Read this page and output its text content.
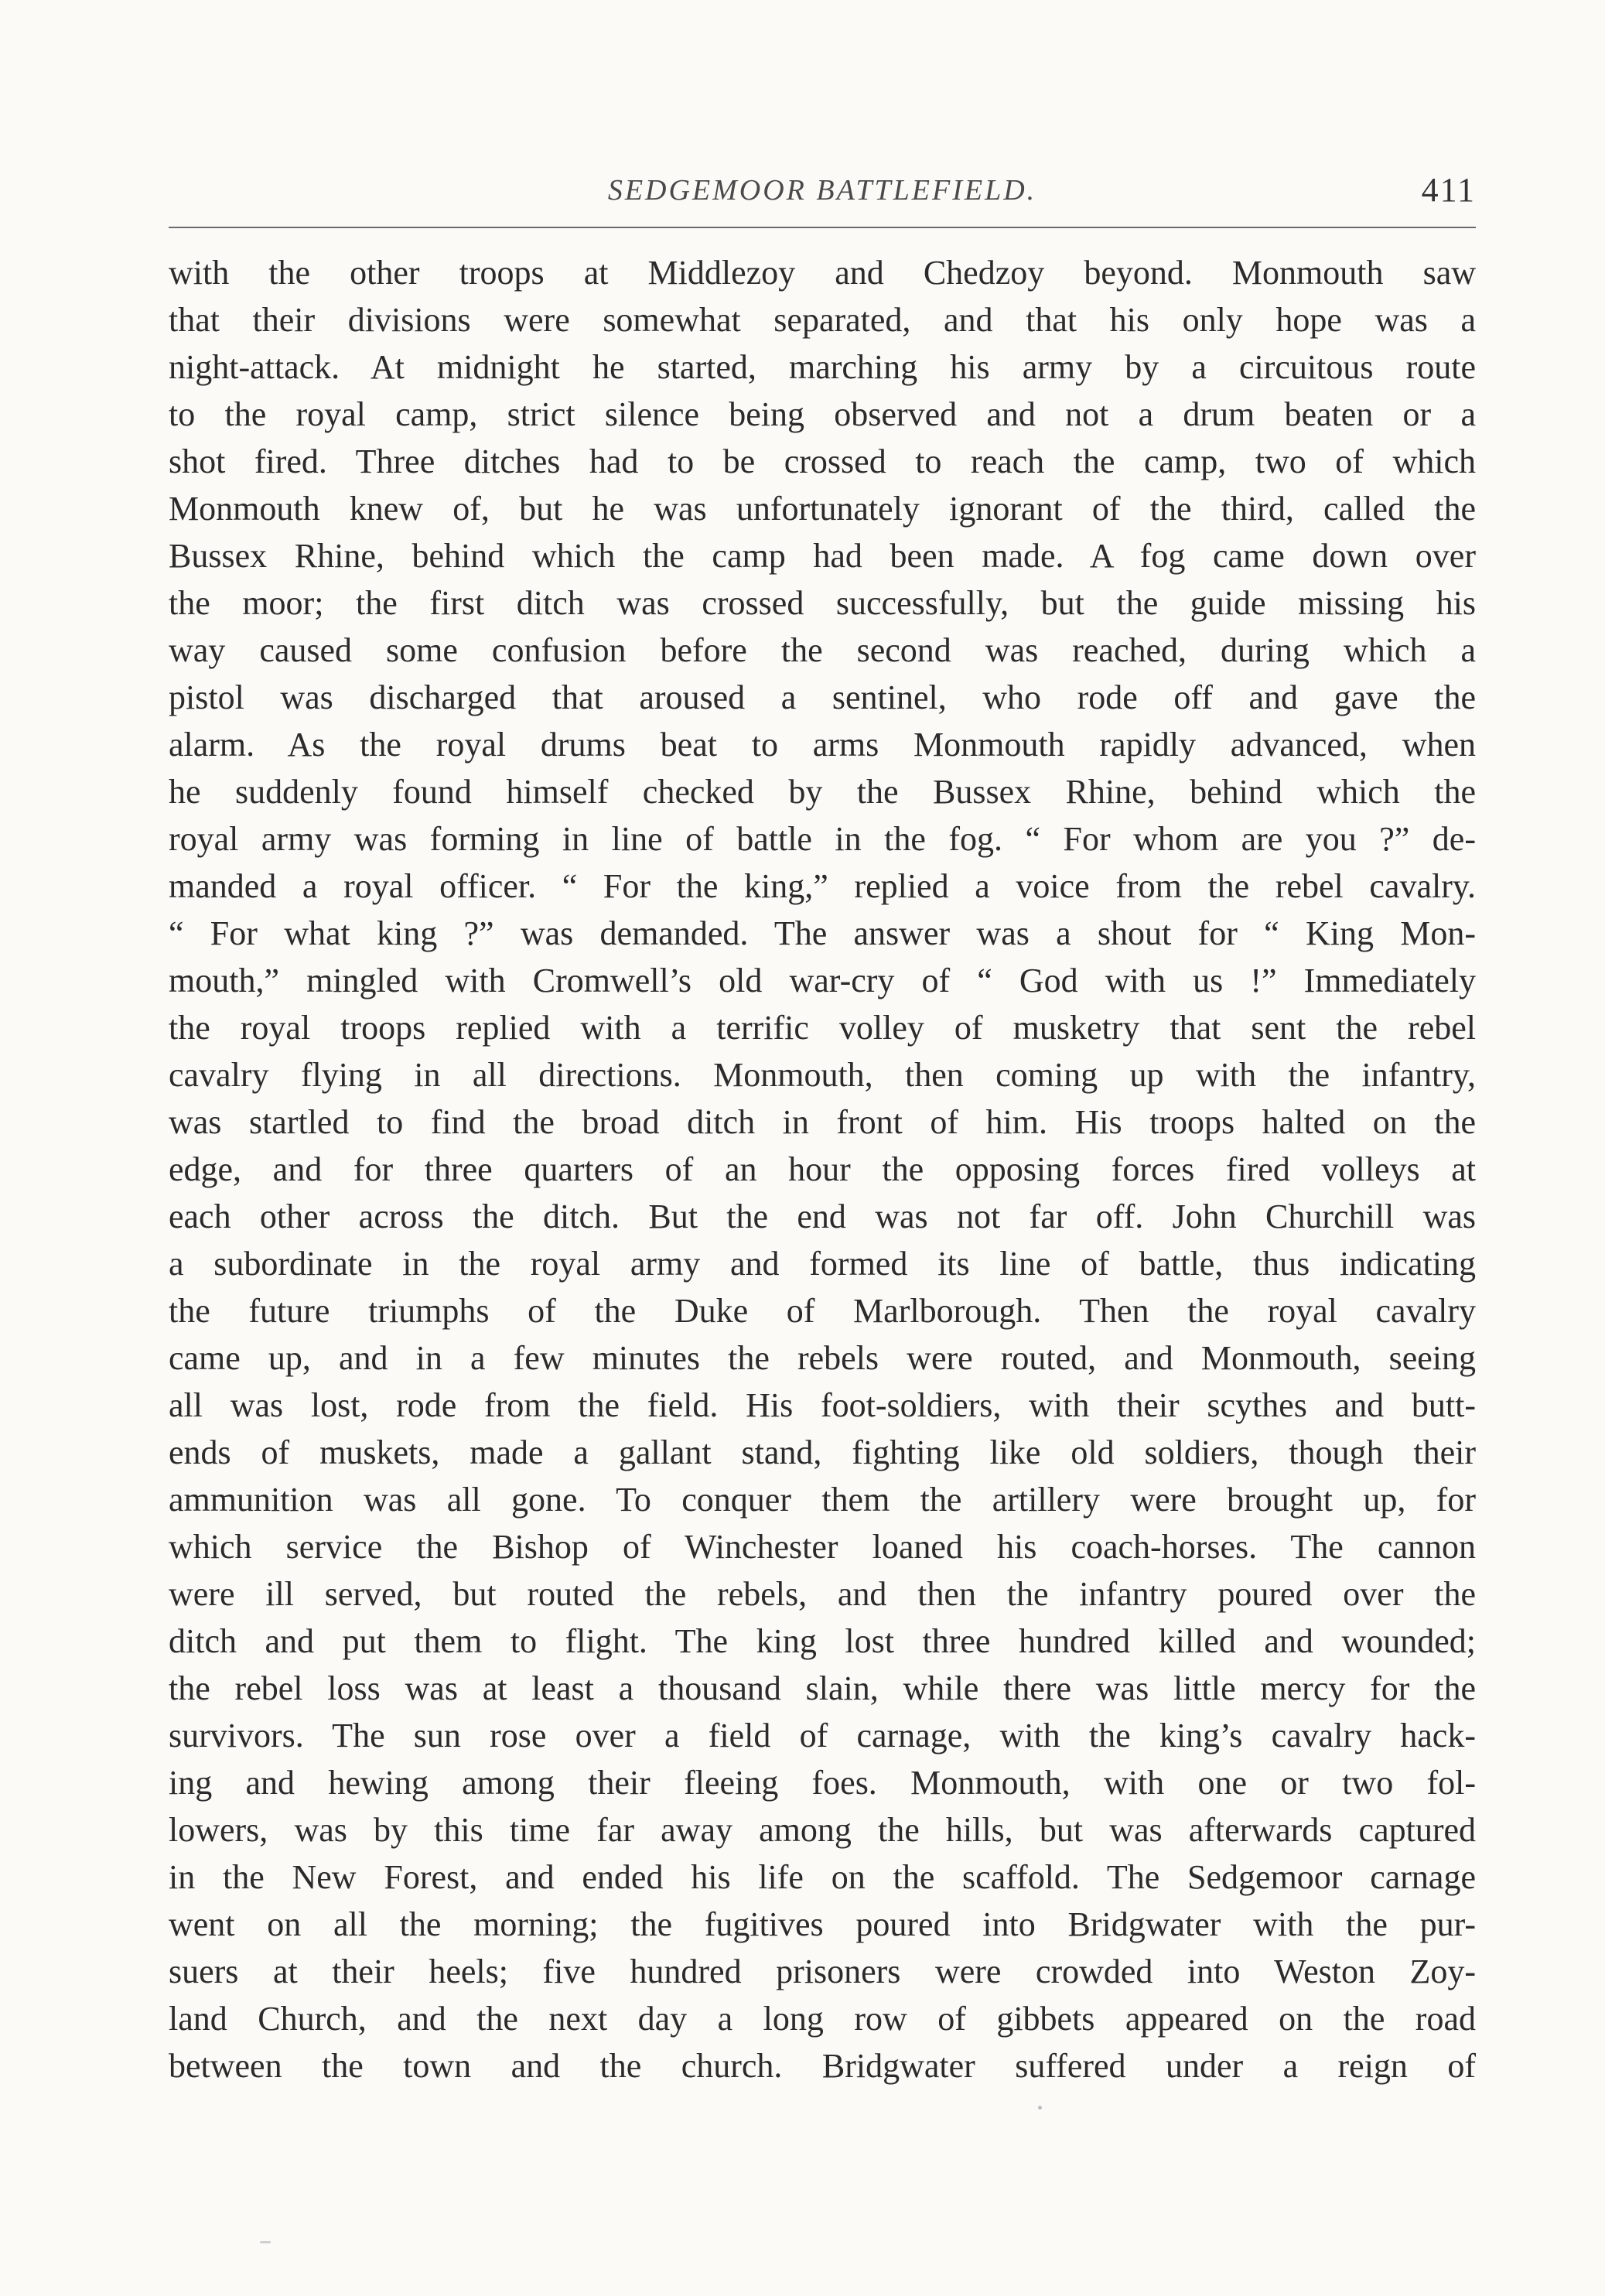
SEDGEMOOR BATTLEFIELD.	411
with the other troops at Middlezoy and Chedzoy beyond. Monmouth saw
that their divisions were somewhat separated, and that his only hope was a
night-attack. At midnight he started, marching his army by a circuitous route
to the royal camp, strict silence being observed and not a drum beaten or a
shot fired. Three ditches had to be crossed to reach the camp, two of which
Monmouth knew of, but he was unfortunately ignorant of the third, called the
Bussex Rhine, behind which the camp had been made. A fog came down over
the moor; the first ditch was crossed successfully, but the guide missing his
way caused some confusion before the second was reached, during which a
pistol was discharged that aroused a sentinel, who rode off and gave the
alarm. As the royal drums beat to arms Monmouth rapidly advanced, when
he suddenly found himself checked by the Bussex Rhine, behind which the
royal army was forming in line of battle in the fog. “ For whom are you ?” de-
manded a royal officer. “ For the king,” replied a voice from the rebel cavalry.
“ For what king ?” was demanded. The answer was a shout for “ King Mon-
mouth,” mingled with Cromwell’s old war-cry of “ God with us !” Immediately
the royal troops replied with a terrific volley of musketry that sent the rebel
cavalry flying in all directions. Monmouth, then coming up with the infantry,
was startled to find the broad ditch in front of him. His troops halted on the
edge, and for three quarters of an hour the opposing forces fired volleys at
each other across the ditch. But the end was not far off. John Churchill was
a subordinate in the royal army and formed its line of battle, thus indicating
the future triumphs of the Duke of Marlborough. Then the royal cavalry
came up, and in a few minutes the rebels were routed, and Monmouth, seeing
all was lost, rode from the field. His foot-soldiers, with their scythes and butt-
ends of muskets, made a gallant stand, fighting like old soldiers, though their
ammunition was all gone. To conquer them the artillery were brought up, for
which service the Bishop of Winchester loaned his coach-horses. The cannon
were ill served, but routed the rebels, and then the infantry poured over the
ditch and put them to flight. The king lost three hundred killed and wounded;
the rebel loss was at least a thousand slain, while there was little mercy for the
survivors. The sun rose over a field of carnage, with the king’s cavalry hack-
ing and hewing among their fleeing foes. Monmouth, with one or two fol-
lowers, was by this time far away among the hills, but was afterwards captured
in the New Forest, and ended his life on the scaffold. The Sedgemoor carnage
went on all the morning; the fugitives poured into Bridgwater with the pur-
suers at their heels; five hundred prisoners were crowded into Weston Zoy-
land Church, and the next day a long row of gibbets appeared on the road
between the town and the church. Bridgwater suffered under a reign of
